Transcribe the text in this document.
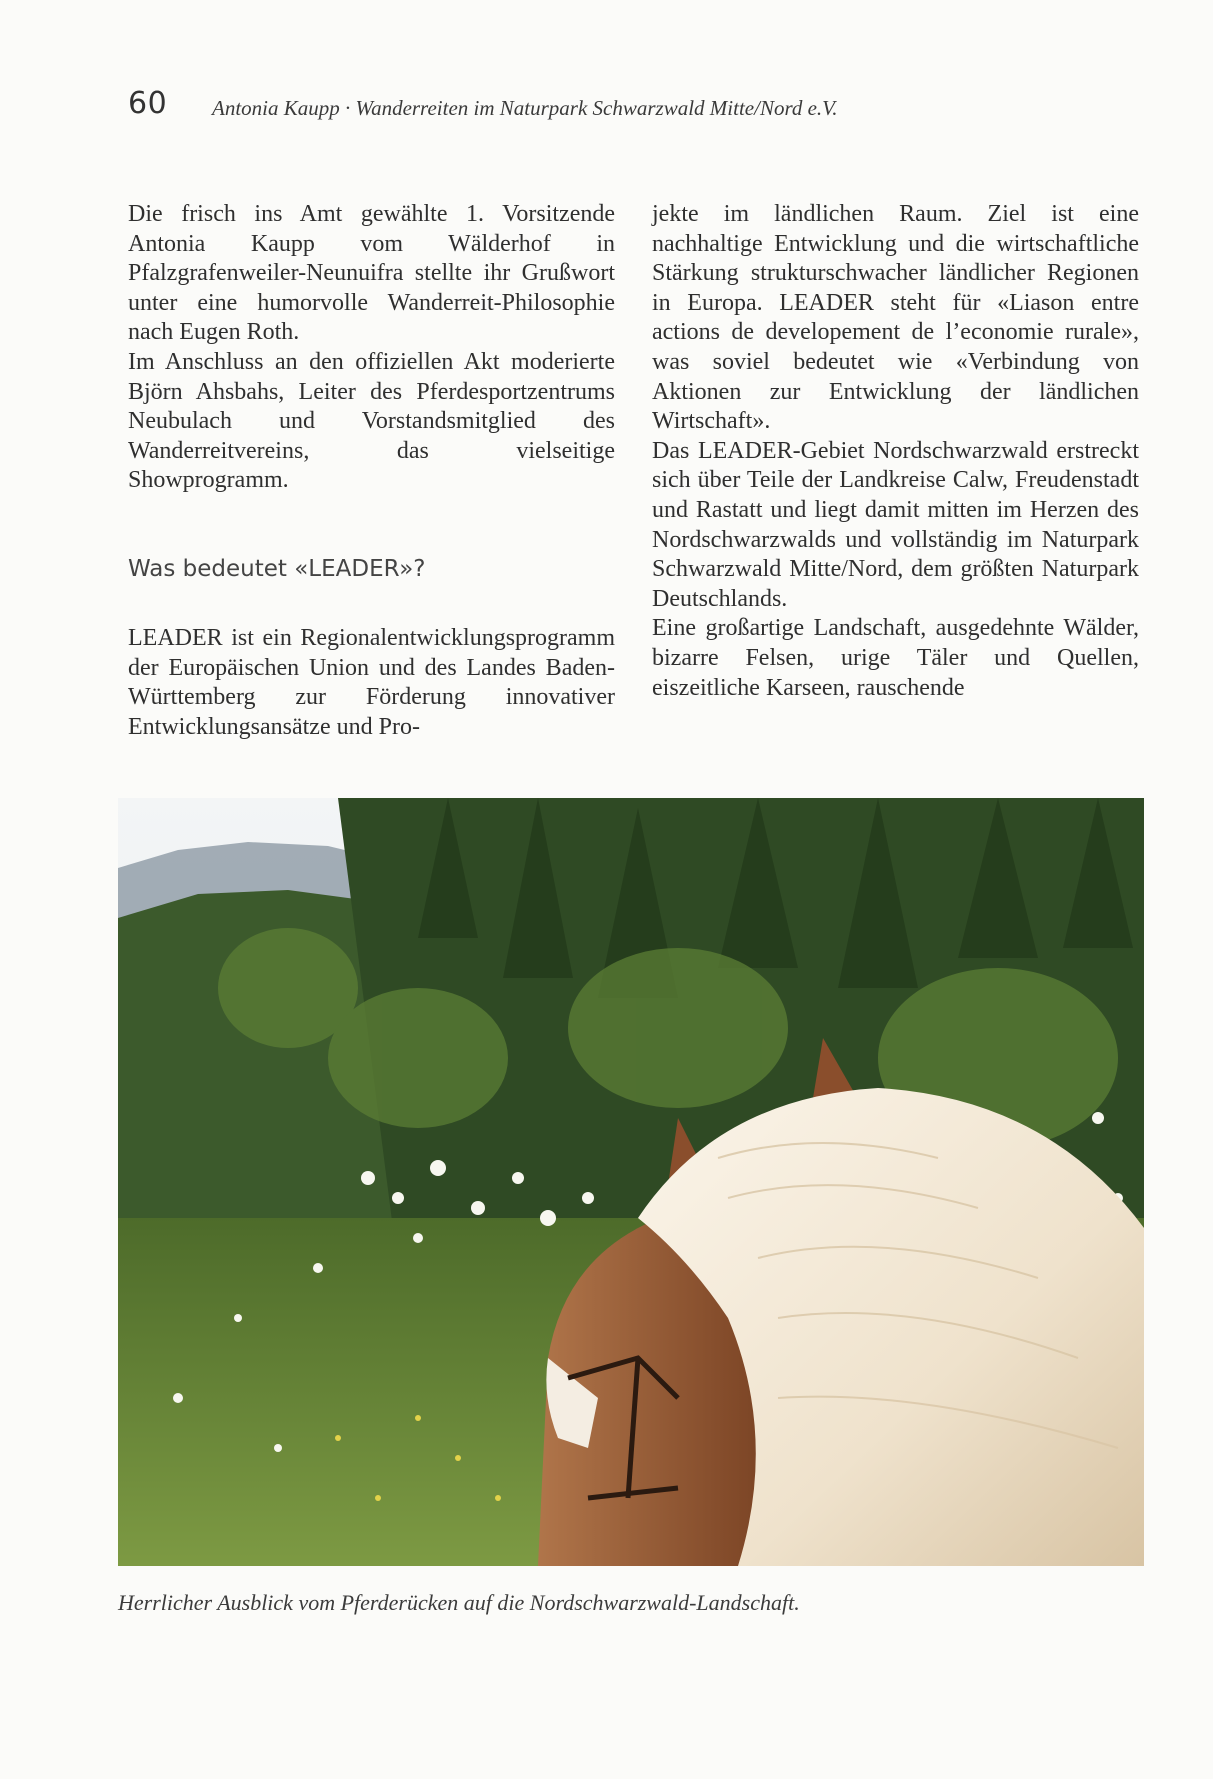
60 Antonia Kaupp · Wanderreiten im Naturpark Schwarzwald Mitte/Nord e.V.

Die frisch ins Amt gewählte 1. Vorsitzende Antonia Kaupp vom Wälderhof in Pfalzgrafenweiler-Neunuifra stellte ihr Grußwort unter eine humorvolle Wanderreit-Philosophie nach Eugen Roth.

Im Anschluss an den offiziellen Akt moderierte Björn Ahsbahs, Leiter des Pferdesportzentrums Neubulach und Vorstandsmitglied des Wanderreitvereins, das vielseitige Showprogramm.

Was bedeutet «LEADER»?

LEADER ist ein Regionalentwicklungsprogramm der Europäischen Union und des Landes Baden-Württemberg zur Förderung innovativer Entwicklungsansätze und Pro-

jekte im ländlichen Raum. Ziel ist eine nachhaltige Entwicklung und die wirtschaftliche Stärkung strukturschwacher ländlicher Regionen in Europa. LEADER steht für «Liason entre actions de developement de l’economie rurale», was soviel bedeutet wie «Verbindung von Aktionen zur Entwicklung der ländlichen Wirtschaft».

Das LEADER-Gebiet Nordschwarzwald erstreckt sich über Teile der Landkreise Calw, Freudenstadt und Rastatt und liegt damit mitten im Herzen des Nordschwarzwalds und vollständig im Naturpark Schwarzwald Mitte/Nord, dem größten Naturpark Deutschlands.

Eine großartige Landschaft, ausgedehnte Wälder, bizarre Felsen, urige Täler und Quellen, eiszeitliche Karseen, rauschende

Herrlicher Ausblick vom Pferderücken auf die Nordschwarzwald-Landschaft.
